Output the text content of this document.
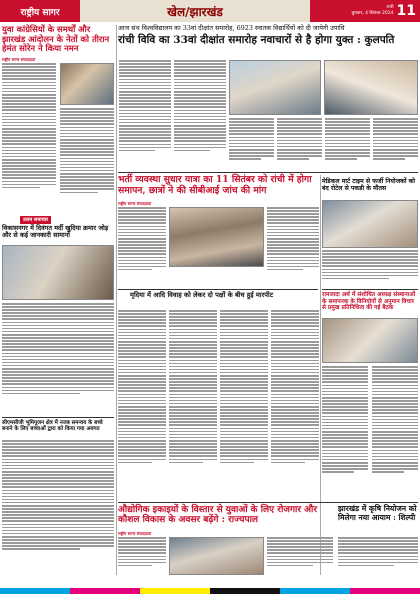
राष्ट्रीय सागर	खेल/झारखंड	रांची
बुधवार, 4 सितंबर 2024 11
आज संथ विश्वविद्यालय का 33वां दीक्षांत समारोह, 6923 स्नातक विद्यार्थियों को दी जायेगी उपाधि
रांची विवि का 33वां दीक्षांत समारोह नवाचारों से है होगा युक्त : कुलपति
युवा कांग्रेसियों के समर्थों और झारखंड आंदोलन के नेतों को तीरान हेमंत सोरेन ने किया नमन
राष्ट्रीय सागर संवाददाता
भर्ती व्यवस्था सुधार यात्रा का 11 सितंबर को रांची में होगा समापन, छात्रों ने की सीबीआई जांच की मांग
मेडिकल मार्ट टाइम से फर्जी नियोजकों को बंद रोटेल से पकडी के मौतस
राष्ट्रीय सागर संवाददाता
उत्तम समाचार
विकासनगर में दिवंगत मर्दी खुदिया क्रमार जोड़ और से कई जानकारी सामानों
मृदिया में आदि विवाह को लेकर दो पक्षों के बीच हुई मारपीट	रामजादा अर्थ में संशोधित अध्यक्ष संस्थानाओं के समापनक के विनियोगों से अनुमान विचार से प्रमुख प्रतिनिधित्व की गई बैठक
सीएमसीजी भूमिपूजन क्षेत्र में नजब समन्वय के बच्चे बनाने के लिए बच्चाओं द्वारा को किया गया अवगत
औद्योगिक इकाइयों के विस्तार से युवाओं के लिए रोजगार और कौशल विकास के अवसर बढ़ेंगे : राज्यपाल
झारखंड में कृषि नियोजन को मिलेगा नया आयाम : शिल्पी
राष्ट्रीय सागर संवाददाता
